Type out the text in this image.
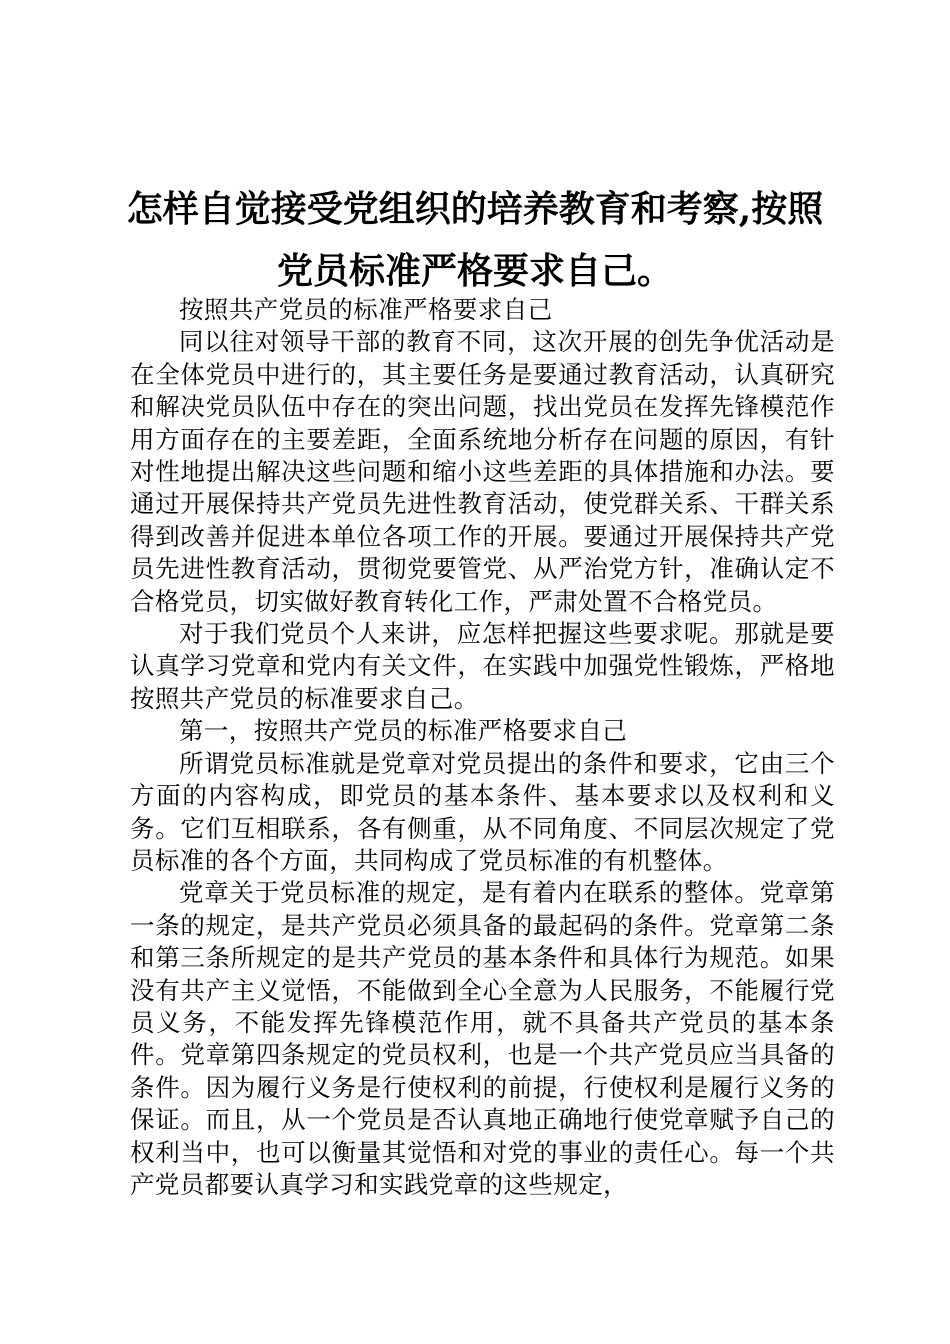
怎样自觉接受党组织的培养教育和考察,按照
党员标准严格要求自己。

按照共产党员的标准严格要求自己

同以往对领导干部的教育不同，这次开展的创先争优活动是在全体党员中进行的，其主要任务是要通过教育活动，认真研究和解决党员队伍中存在的突出问题，找出党员在发挥先锋模范作用方面存在的主要差距，全面系统地分析存在问题的原因，有针对性地提出解决这些问题和缩小这些差距的具体措施和办法。要通过开展保持共产党员先进性教育活动，使党群关系、干群关系得到改善并促进本单位各项工作的开展。要通过开展保持共产党员先进性教育活动，贯彻党要管党、从严治党方针，准确认定不合格党员，切实做好教育转化工作，严肃处置不合格党员。

对于我们党员个人来讲，应怎样把握这些要求呢。那就是要认真学习党章和党内有关文件，在实践中加强党性锻炼，严格地按照共产党员的标准要求自己。

第一，按照共产党员的标准严格要求自己

所谓党员标准就是党章对党员提出的条件和要求，它由三个方面的内容构成，即党员的基本条件、基本要求以及权利和义务。它们互相联系，各有侧重，从不同角度、不同层次规定了党员标准的各个方面，共同构成了党员标准的有机整体。

党章关于党员标准的规定，是有着内在联系的整体。党章第一条的规定，是共产党员必须具备的最起码的条件。党章第二条和第三条所规定的是共产党员的基本条件和具体行为规范。如果没有共产主义觉悟，不能做到全心全意为人民服务，不能履行党员义务，不能发挥先锋模范作用，就不具备共产党员的基本条件。党章第四条规定的党员权利，也是一个共产党员应当具备的条件。因为履行义务是行使权利的前提，行使权利是履行义务的保证。而且，从一个党员是否认真地正确地行使党章赋予自己的权利当中，也可以衡量其觉悟和对党的事业的责任心。每一个共产党员都要认真学习和实践党章的这些规定，
